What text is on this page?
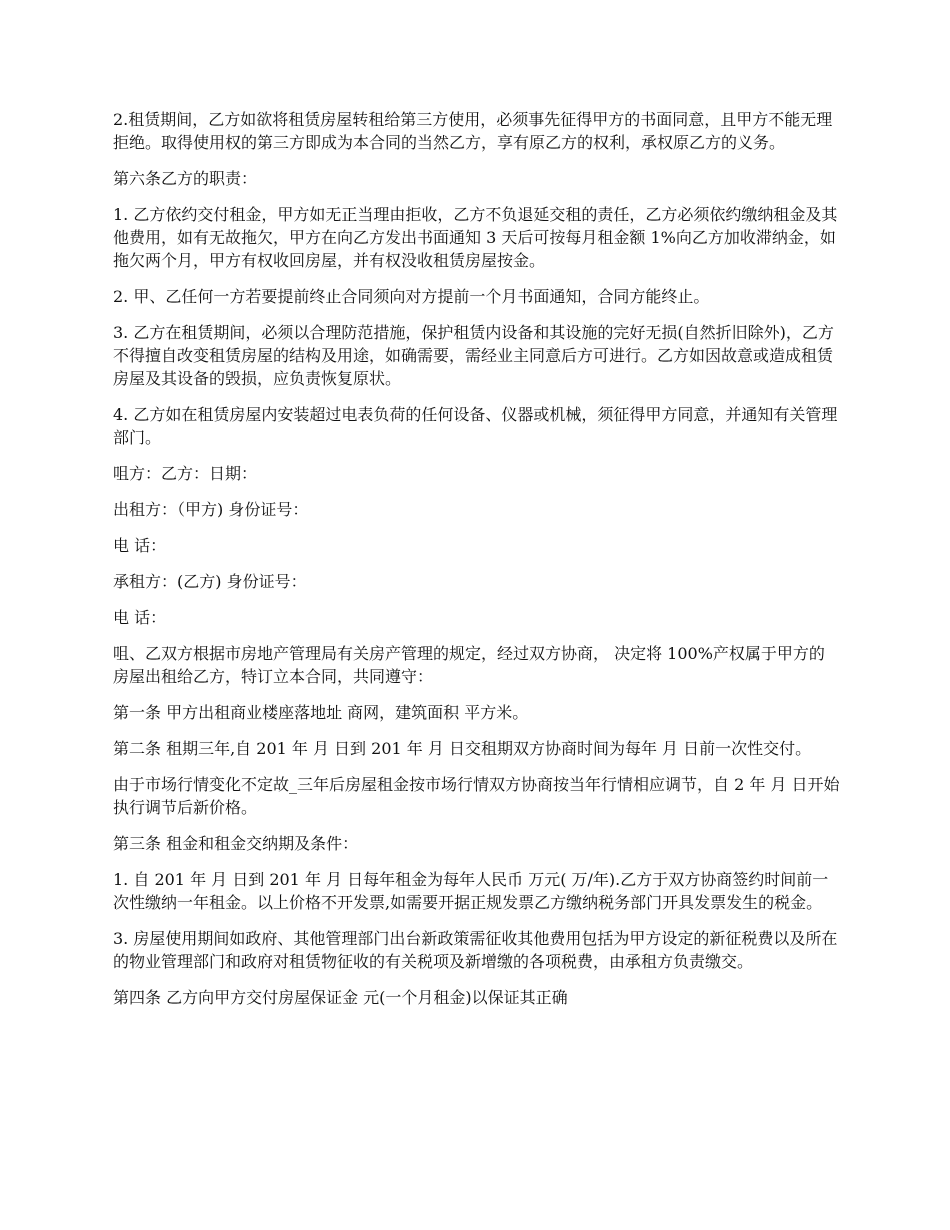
2.租赁期间，乙方如欲将租赁房屋转租给第三方使用，必须事先征得甲方的书面同意，且甲方不能无理拒绝。取得使用权的第三方即成为本合同的当然乙方，享有原乙方的权利，承权原乙方的义务。

第六条乙方的职责：

1. 乙方依约交付租金，甲方如无正当理由拒收，乙方不负退延交租的责任，乙方必须依约缴纳租金及其他费用，如有无故拖欠，甲方在向乙方发出书面通知 3 天后可按每月租金额 1%向乙方加收滞纳金，如拖欠两个月，甲方有权收回房屋，并有权没收租赁房屋按金。

2. 甲、乙任何一方若要提前终止合同须向对方提前一个月书面通知，合同方能终止。

3. 乙方在租赁期间，必须以合理防范措施，保护租赁内设备和其设施的完好无损(自然折旧除外)，乙方不得擅自改变租赁房屋的结构及用途，如确需要，需经业主同意后方可进行。乙方如因故意或造成租赁房屋及其设备的毁损，应负责恢复原状。

4. 乙方如在租赁房屋内安装超过电表负荷的任何设备、仪器或机械，须征得甲方同意，并通知有关管理部门。

咀方：乙方：日期：

出租方：（甲方) 身份证号：

电 话：

承租方：(乙方) 身份证号：

电 话：

咀、乙双方根据市房地产管理局有关房产管理的规定，经过双方协商， 决定将 100%产权属于甲方的房屋出租给乙方，特订立本合同，共同遵守：

第一条 甲方出租商业楼座落地址 商网，建筑面积 平方米。

第二条 租期三年,自 201 年 月 日到 201 年 月 日交租期双方协商时间为每年 月 日前一次性交付。

由于市场行情变化不定故_三年后房屋租金按市场行情双方协商按当年行情相应调节，自 2 年 月 日开始执行调节后新价格。

第三条 租金和租金交纳期及条件：

1. 自 201 年 月 日到 201 年 月 日每年租金为每年人民币 万元( 万/年).乙方于双方协商签约时间前一次性缴纳一年租金。以上价格不开发票,如需要开据正规发票乙方缴纳税务部门开具发票发生的税金。

3. 房屋使用期间如政府、其他管理部门出台新政策需征收其他费用包括为甲方设定的新征税费以及所在的物业管理部门和政府对租赁物征收的有关税项及新增缴的各项税费，由承租方负责缴交。

第四条 乙方向甲方交付房屋保证金 元(一个月租金)以保证其正确
